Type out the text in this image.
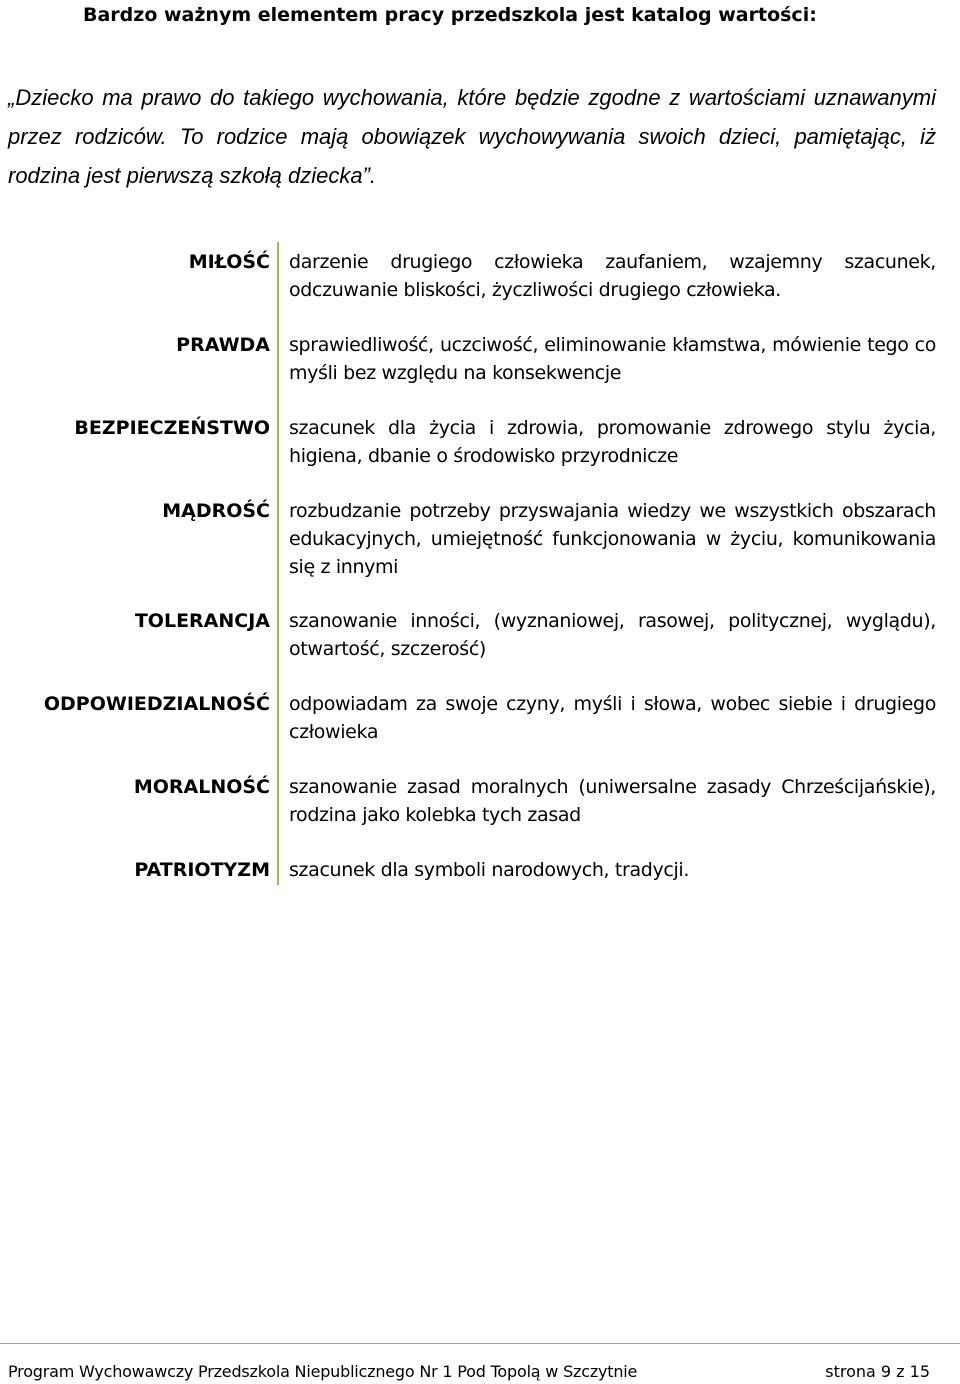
Bardzo ważnym elementem pracy przedszkola jest katalog wartości:

„Dziecko ma prawo do takiego wychowania, które będzie zgodne z wartościami uznawanymi przez rodziców. To rodzice mają obowiązek wychowywania swoich dzieci, pamiętając, iż rodzina jest pierwszą szkołą dziecka”.

MIŁOŚĆ darzenie drugiego człowieka zaufaniem, wzajemny szacunek, odczuwanie bliskości, życzliwości drugiego człowieka.
PRAWDA sprawiedliwość, uczciwość, eliminowanie kłamstwa, mówienie tego co myśli bez względu na konsekwencje
BEZPIECZEŃSTWO szacunek dla życia i zdrowia, promowanie zdrowego stylu życia, higiena, dbanie o środowisko przyrodnicze
MĄDROŚĆ rozbudzanie potrzeby przyswajania wiedzy we wszystkich obszarach edukacyjnych, umiejętność funkcjonowania w życiu, komunikowania się z innymi
TOLERANCJA szanowanie inności, (wyznaniowej, rasowej, politycznej, wyglądu), otwartość, szczerość)
ODPOWIEDZIALNOŚĆ odpowiadam za swoje czyny, myśli i słowa, wobec siebie i drugiego człowieka
MORALNOŚĆ szanowanie zasad moralnych (uniwersalne zasady Chrześcijańskie), rodzina jako kolebka tych zasad
PATRIOTYZM szacunek dla symboli narodowych, tradycji.
Program Wychowawczy Przedszkola Niepublicznego Nr 1 Pod Topolą w Szczytnie	strona 9 z 15
